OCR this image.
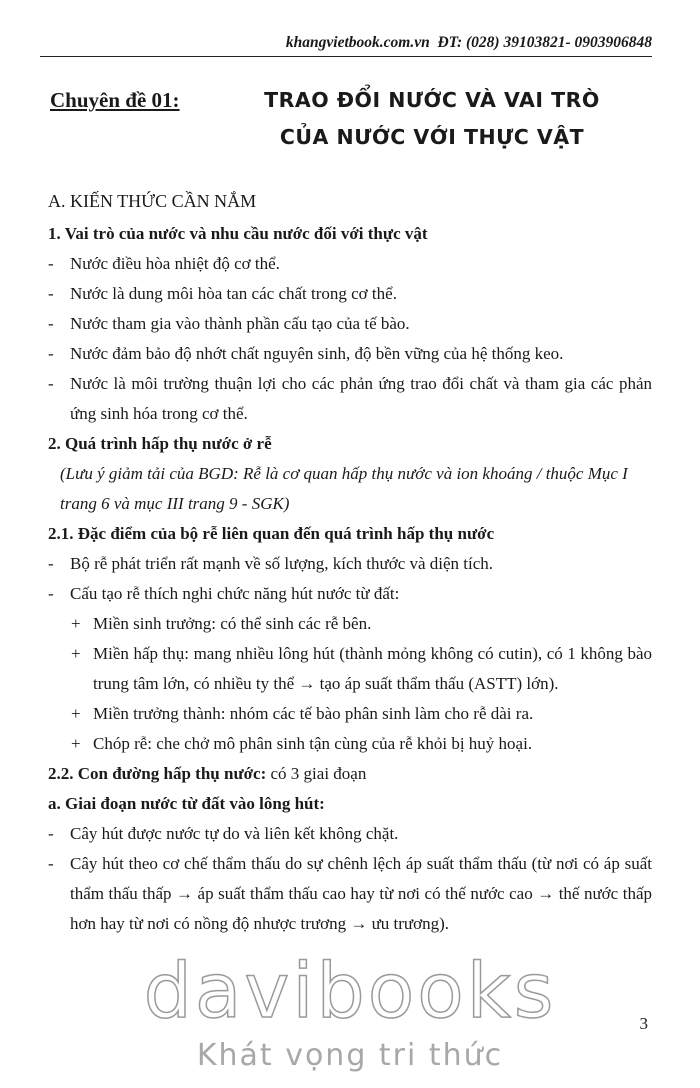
khangvietbook.com.vn ĐT: (028) 39103821- 0903906848
Chuyên đề 01:	TRAO ĐỔI NƯỚC VÀ VAI TRÒ
CỦA NƯỚC VỚI THỰC VẬT

A. KIẾN THỨC CẦN NẮM

1. Vai trò của nước và nhu cầu nước đối với thực vật

- Nước điều hòa nhiệt độ cơ thể.

- Nước là dung môi hòa tan các chất trong cơ thể.

- Nước tham gia vào thành phần cấu tạo của tế bào.

- Nước đảm bảo độ nhớt chất nguyên sinh, độ bền vững của hệ thống keo.

- Nước là môi trường thuận lợi cho các phản ứng trao đổi chất và tham gia các phản ứng sinh hóa trong cơ thể.

2. Quá trình hấp thụ nước ở rễ

(Lưu ý giảm tải của BGD: Rễ là cơ quan hấp thụ nước và ion khoáng / thuộc Mục I trang 6 và mục III trang 9 - SGK)

2.1. Đặc điểm của bộ rễ liên quan đến quá trình hấp thụ nước

- Bộ rễ phát triển rất mạnh về số lượng, kích thước và diện tích.

- Cấu tạo rễ thích nghi chức năng hút nước từ đất:

+ Miền sinh trưởng: có thể sinh các rễ bên.

+ Miền hấp thụ: mang nhiều lông hút (thành mỏng không có cutin), có 1 không bào trung tâm lớn, có nhiều ty thể → tạo áp suất thẩm thấu (ASTT) lớn).

+ Miền trưởng thành: nhóm các tế bào phân sinh làm cho rễ dài ra.

+ Chóp rễ: che chở mô phân sinh tận cùng của rễ khỏi bị huỷ hoại.

2.2. Con đường hấp thụ nước: có 3 giai đoạn

a. Giai đoạn nước từ đất vào lông hút:

- Cây hút được nước tự do và liên kết không chặt.

- Cây hút theo cơ chế thẩm thấu do sự chênh lệch áp suất thẩm thấu (từ nơi có áp suất thẩm thấu thấp → áp suất thẩm thấu cao hay từ nơi có thế nước cao → thế nước thấp hơn hay từ nơi có nồng độ nhược trương → ưu trương).

davibooks
Khát vọng tri thức
3
